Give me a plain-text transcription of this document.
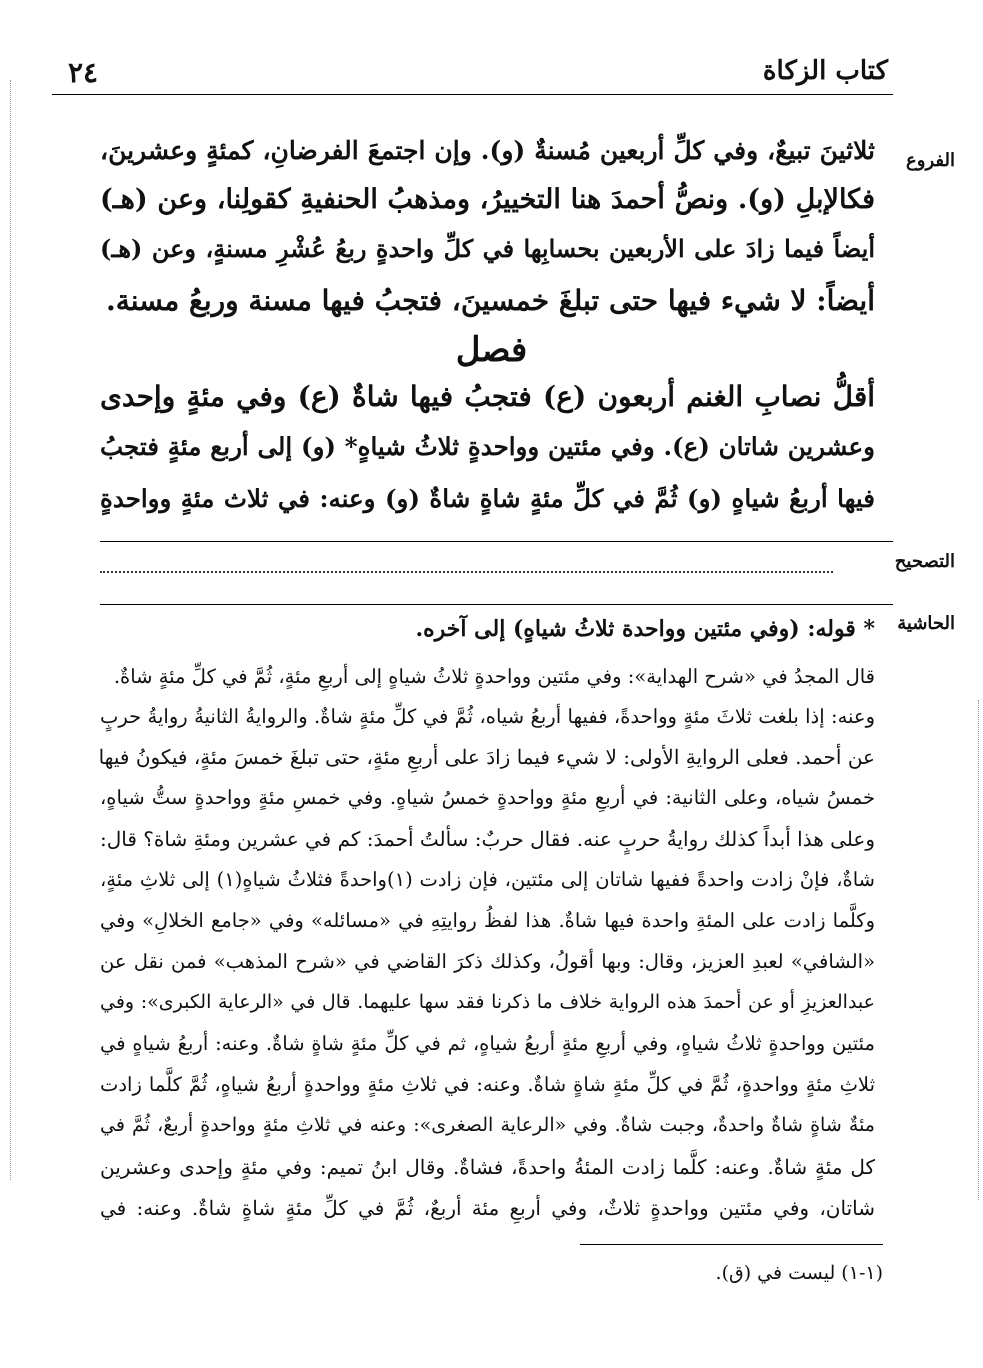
كتاب الزكاة
٢٤
الفروع
التصحيح
الحاشية
ثلاثينَ تبيعٌ، وفي كلِّ أربعين مُسنةٌ (و). وإن اجتمعَ الفرضانِ، كمئةٍ وعشرينَ،
فكالإبلِ (و). ونصُّ أحمدَ هنا التخييرُ، ومذهبُ الحنفيةِ كقولِنا، وعن (هـ)
أيضاً فيما زادَ على الأربعين بحسابِها في كلِّ واحدةٍ ربعُ عُشْرِ مسنةٍ، وعن (هـ)
أيضاً: لا شيء فيها حتى تبلغَ خمسينَ، فتجبُ فيها مسنة وربعُ مسنة.
فصل
أقلُّ نصابِ الغنم أربعون (ع) فتجبُ فيها شاةٌ (ع) وفي مئةٍ وإحدى
وعشرين شاتان (ع). وفي مئتين وواحدةٍ ثلاثُ شياهٍ* (و) إلى أربع مئةٍ فتجبُ
فيها أربعُ شياهٍ (و) ثُمَّ في كلِّ مئةٍ شاةٍ شاةٌ (و) وعنه: في ثلاث مئةٍ وواحدةٍ
* قوله: (وفي مئتين وواحدة ثلاثُ شياهٍ) إلى آخره.
قال المجدُ في «شرح الهداية»: وفي مئتين وواحدةٍ ثلاثُ شياهٍ إلى أربعِ مئةٍ، ثُمَّ في كلِّ مئةٍ شاةٌ.
وعنه: إذا بلغت ثلاثَ مئةٍ وواحدةً، ففيها أربعُ شياه، ثُمَّ في كلِّ مئةٍ شاةٌ. والروايةُ الثانيةُ روايةُ حربٍ
عن أحمد. فعلى الروايةِ الأولى: لا شيء فيما زادَ على أربعِ مئةٍ، حتى تبلغَ خمسَ مئةٍ، فيكونُ فيها
خمسُ شياه، وعلى الثانية: في أربعِ مئةٍ وواحدةٍ خمسُ شياهٍ. وفي خمسِ مئةٍ وواحدةٍ ستُّ شياهٍ،
وعلى هذا أبداً كذلك روايةُ حربٍ عنه. فقال حربٌ: سألتُ أحمدَ: كم في عشرين ومئةِ شاة؟ قال:
شاةٌ، فإنْ زادت واحدةً ففيها شاتان إلى مئتين، فإن زادت (١)واحدةً فثلاثُ شياهٍ(١) إلى ثلاثِ مئةٍ،
وكلَّما زادت على المئةِ واحدة فيها شاةٌ. هذا لفظُ روايتِهِ في «مسائله» وفي «جامع الخلالِ» وفي
«الشافي» لعبدِ العزيز، وقال: وبها أقولُ، وكذلك ذكرَ القاضي في «شرح المذهب» فمن نقل عن
عبدالعزيزِ أو عن أحمدَ هذه الرواية خلاف ما ذكرنا فقد سها عليهما. قال في «الرعاية الكبرى»: وفي
مئتين وواحدةٍ ثلاثُ شياهٍ، وفي أربعِ مئةٍ أربعُ شياهٍ، ثم في كلِّ مئةٍ شاةٍ شاةٌ. وعنه: أربعُ شياهٍ في
ثلاثِ مئةٍ وواحدةٍ، ثُمَّ في كلِّ مئةٍ شاةٍ شاةٌ. وعنه: في ثلاثِ مئةٍ وواحدةٍ أربعُ شياهٍ، ثُمَّ كلَّما زادت
مئةٌ شاةٍ شاةٌ واحدةٌ، وجبت شاةٌ. وفي «الرعاية الصغرى»: وعنه في ثلاثِ مئةٍ وواحدةٍ أربعٌ، ثُمَّ في
كل مئةٍ شاةٌ. وعنه: كلَّما زادت المئةُ واحدةً، فشاةٌ. وقال ابنُ تميم: وفي مئةٍ وإحدى وعشرين
شاتان، وفي مئتين وواحدةٍ ثلاثٌ، وفي أربعِ مئة أربعٌ، ثُمَّ في كلِّ مئةٍ شاةٍ شاةٌ. وعنه: في
(١-١) ليست في (ق).
